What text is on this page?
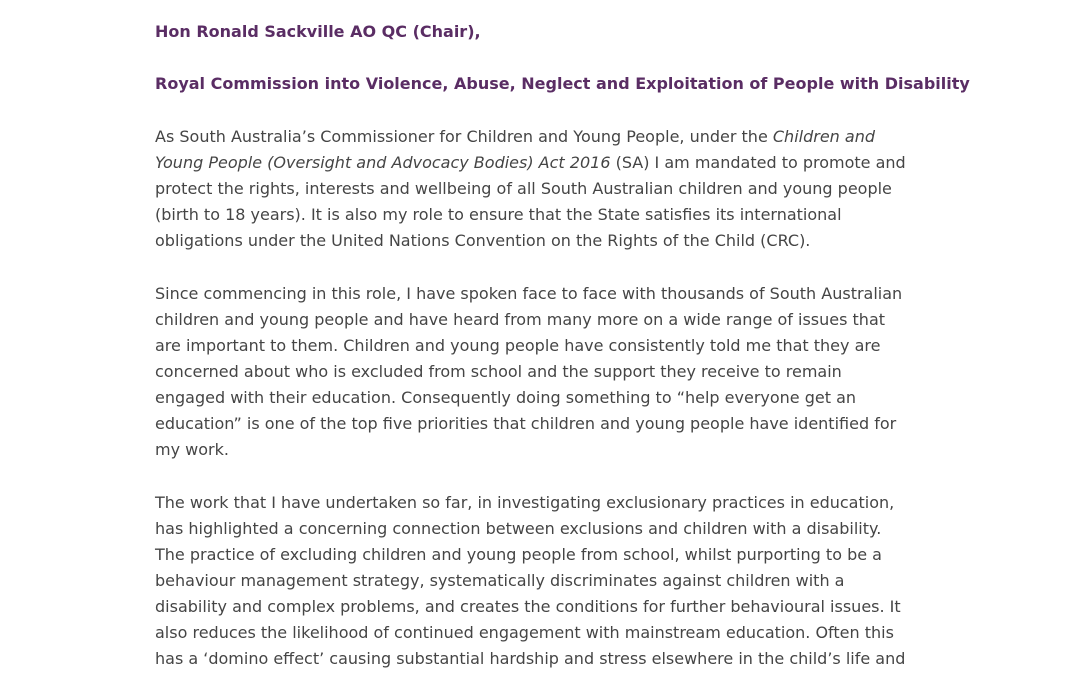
Hon Ronald Sackville AO QC (Chair),

Royal Commission into Violence, Abuse, Neglect and Exploitation of People with Disability

As South Australia’s Commissioner for Children and Young People, under the Children and
Young People (Oversight and Advocacy Bodies) Act 2016 (SA) I am mandated to promote and
protect the rights, interests and wellbeing of all South Australian children and young people
(birth to 18 years). It is also my role to ensure that the State satisfies its international
obligations under the United Nations Convention on the Rights of the Child (CRC).
Since commencing in this role, I have spoken face to face with thousands of South Australian
children and young people and have heard from many more on a wide range of issues that
are important to them. Children and young people have consistently told me that they are
concerned about who is excluded from school and the support they receive to remain
engaged with their education. Consequently doing something to “help everyone get an
education” is one of the top five priorities that children and young people have identified for
my work.
The work that I have undertaken so far, in investigating exclusionary practices in education,
has highlighted a concerning connection between exclusions and children with a disability.
The practice of excluding children and young people from school, whilst purporting to be a
behaviour management strategy, systematically discriminates against children with a
disability and complex problems, and creates the conditions for further behavioural issues. It
also reduces the likelihood of continued engagement with mainstream education. Often this
has a ‘domino effect’ causing substantial hardship and stress elsewhere in the child’s life and
